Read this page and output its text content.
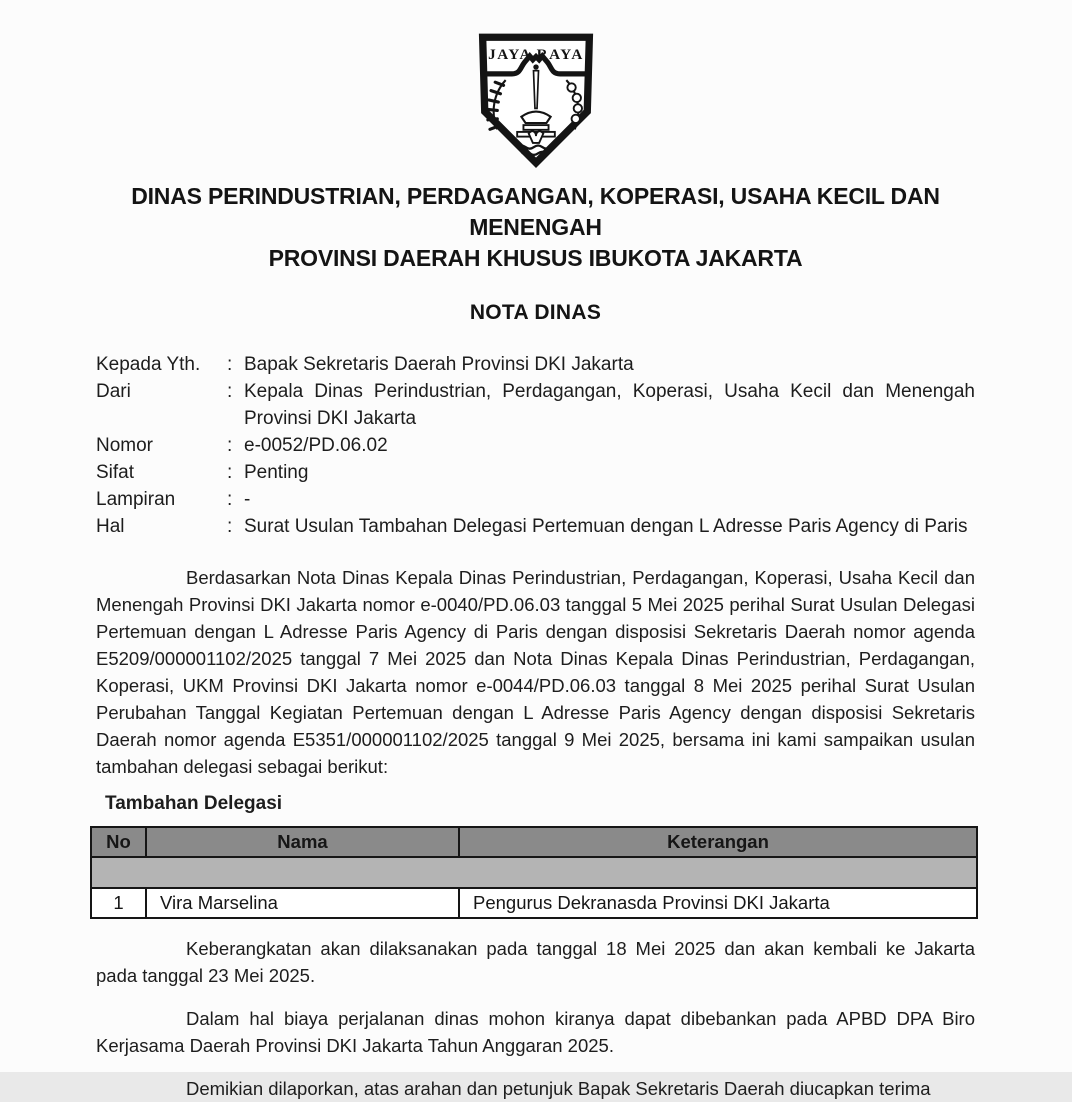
JAYA RAYA
DINAS PERINDUSTRIAN, PERDAGANGAN, KOPERASI, USAHA KECIL DAN MENENGAH
PROVINSI DAERAH KHUSUS IBUKOTA JAKARTA
NOTA DINAS
Kepada Yth.	: Bapak Sekretaris Daerah Provinsi DKI Jakarta
Dari	: Kepala Dinas Perindustrian, Perdagangan, Koperasi, Usaha Kecil dan Menengah Provinsi DKI Jakarta
Nomor	: e-0052/PD.06.02
Sifat	: Penting
Lampiran	: -
Hal	: Surat Usulan Tambahan Delegasi Pertemuan dengan L Adresse Paris Agency di Paris

Berdasarkan Nota Dinas Kepala Dinas Perindustrian, Perdagangan, Koperasi, Usaha Kecil dan Menengah Provinsi DKI Jakarta nomor e-0040/PD.06.03 tanggal 5 Mei 2025 perihal Surat Usulan Delegasi Pertemuan dengan L Adresse Paris Agency di Paris dengan disposisi Sekretaris Daerah nomor agenda E5209/000001102/2025 tanggal 7 Mei 2025 dan Nota Dinas Kepala Dinas Perindustrian, Perdagangan, Koperasi, UKM Provinsi DKI Jakarta nomor e-0044/PD.06.03 tanggal 8 Mei 2025 perihal Surat Usulan Perubahan Tanggal Kegiatan Pertemuan dengan L Adresse Paris Agency dengan disposisi Sekretaris Daerah nomor agenda E5351/000001102/2025 tanggal 9 Mei 2025, bersama ini kami sampaikan usulan tambahan delegasi sebagai berikut:

Tambahan Delegasi
No	Nama	Keterangan

1	Vira Marselina	Pengurus Dekranasda Provinsi DKI Jakarta

Keberangkatan akan dilaksanakan pada tanggal 18 Mei 2025 dan akan kembali ke Jakarta pada tanggal 23 Mei 2025.

Dalam hal biaya perjalanan dinas mohon kiranya dapat dibebankan pada APBD DPA Biro Kerjasama Daerah Provinsi DKI Jakarta Tahun Anggaran 2025.

Demikian dilaporkan, atas arahan dan petunjuk Bapak Sekretaris Daerah diucapkan terima
